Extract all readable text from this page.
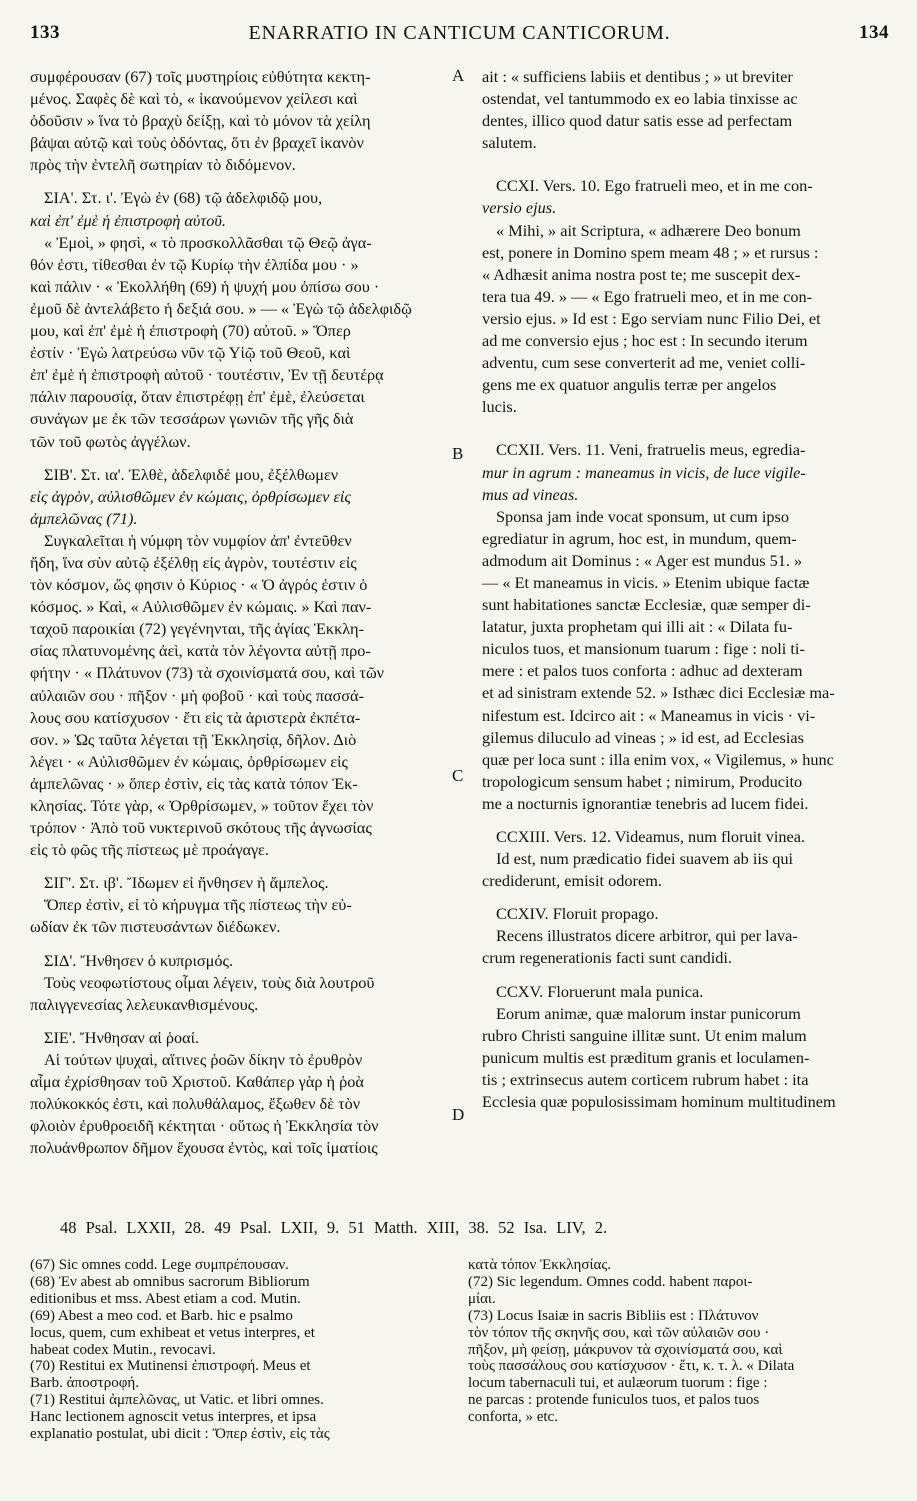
133	ENARRATIO IN CANTICUM CANTICORUM.	134
A
B
C
D

συμφέρουσαν (67) τοῖς μυστηρίοις εὐθύτητα κεκτη-

μένος. Σαφὲς δὲ καὶ τὸ, « ἱκανούμενον χείλεσι καὶ

ὀδοῦσιν » ἵνα τὸ βραχὺ δείξῃ, καὶ τὸ μόνον τὰ χείλη

βάψαι αὐτῷ καὶ τοὺς ὀδόντας, ὅτι ἐν βραχεῖ ἱκανὸν

πρὸς τὴν ἐντελῆ σωτηρίαν τὸ διδόμενον.

ΣΙΑ'. Στ. ι'. Ἐγὼ ἐν (68) τῷ ἀδελφιδῷ μου,

καὶ ἐπ' ἐμὲ ἡ ἐπιστροφὴ αὐτοῦ.

« Ἐμοὶ, » φησὶ, « τὸ προσκολλᾶσθαι τῷ Θεῷ ἀγα-

θόν ἐστι, τίθεσθαι ἐν τῷ Κυρίῳ τὴν ἐλπίδα μου · »

καὶ πάλιν · « Ἐκολλήθη (69) ἡ ψυχή μου ὀπίσω σου ·

ἐμοῦ δὲ ἀντελάβετο ἡ δεξιά σου. » — « Ἐγὼ τῷ ἀδελφιδῷ

μου, καὶ ἐπ' ἐμὲ ἡ ἐπιστροφὴ (70) αὐτοῦ. » Ὅπερ

ἐστίν · Ἐγὼ λατρεύσω νῦν τῷ Υἱῷ τοῦ Θεοῦ, καὶ

ἐπ' ἐμὲ ἡ ἐπιστροφὴ αὐτοῦ · τουτέστιν, Ἐν τῇ δευτέρᾳ

πάλιν παρουσίᾳ, ὅταν ἐπιστρέφῃ ἐπ' ἐμὲ, ἐλεύσεται

συνάγων με ἐκ τῶν τεσσάρων γωνιῶν τῆς γῆς διὰ

τῶν τοῦ φωτὸς ἀγγέλων.

ΣΙΒ'. Στ. ια'. Ἐλθὲ, ἀδελφιδέ μου, ἐξέλθωμεν

εἰς ἀγρὸν, αὐλισθῶμεν ἐν κώμαις, ὀρθρίσωμεν εἰς

ἀμπελῶνας (71).

Συγκαλεῖται ἡ νύμφη τὸν νυμφίον ἀπ' ἐντεῦθεν

ἤδη, ἵνα σὺν αὐτῷ ἐξέλθῃ εἰς ἀγρὸν, τουτέστιν εἰς

τὸν κόσμον, ὥς φησιν ὁ Κύριος · « Ὁ ἀγρός ἐστιν ὁ

κόσμος. » Καὶ, « Αὐλισθῶμεν ἐν κώμαις. » Καὶ παν-

ταχοῦ παροικίαι (72) γεγένηνται, τῆς ἁγίας Ἐκκλη-

σίας πλατυνομένης ἀεὶ, κατὰ τὸν λέγοντα αὐτῇ προ-

φήτην · « Πλάτυνον (73) τὰ σχοινίσματά σου, καὶ τῶν

αὐλαιῶν σου · πῆξον · μὴ φοβοῦ · καὶ τοὺς πασσά-

λους σου κατίσχυσον · ἔτι εἰς τὰ ἀριστερὰ ἐκπέτα-

σον. » Ὡς ταῦτα λέγεται τῇ Ἐκκλησίᾳ, δῆλον. Διὸ

λέγει · « Αὐλισθῶμεν ἐν κώμαις, ὀρθρίσωμεν εἰς

ἀμπελῶνας · » ὅπερ ἐστὶν, εἰς τὰς κατὰ τόπον Ἐκ-

κλησίας. Τότε γὰρ, « Ὀρθρίσωμεν, » τοῦτον ἔχει τὸν

τρόπον · Ἀπὸ τοῦ νυκτερινοῦ σκότους τῆς ἀγνωσίας

εἰς τὸ φῶς τῆς πίστεως μὲ προάγαγε.

ΣΙΓ'. Στ. ιβ'. Ἴδωμεν εἰ ἤνθησεν ἡ ἄμπελος.

Ὅπερ ἐστὶν, εἰ τὸ κήρυγμα τῆς πίστεως τὴν εὐ-

ωδίαν ἐκ τῶν πιστευσάντων διέδωκεν.

ΣΙΔ'. Ἤνθησεν ὁ κυπρισμός.

Τοὺς νεοφωτίστους οἶμαι λέγειν, τοὺς διὰ λουτροῦ

παλιγγενεσίας λελευκανθισμένους.

ΣΙΕ'. Ἤνθησαν αἱ ῥοαί.

Αἱ τούτων ψυχαὶ, αἵτινες ῥοῶν δίκην τὸ ἐρυθρὸν

αἷμα ἐχρίσθησαν τοῦ Χριστοῦ. Καθάπερ γὰρ ἡ ῥοὰ

πολύκοκκός ἐστι, καὶ πολυθάλαμος, ἔξωθεν δὲ τὸν

φλοιὸν ἐρυθροειδῆ κέκτηται · οὕτως ἡ Ἐκκλησία τὸν

πολυάνθρωπον δῆμον ἔχουσα ἐντὸς, καὶ τοῖς ἱματίοις

ait : « sufficiens labiis et dentibus ; » ut breviter

ostendat, vel tantummodo ex eo labia tinxisse ac

dentes, illico quod datur satis esse ad perfectam

salutem.

CCXI. Vers. 10. Ego fratrueli meo, et in me con-

versio ejus.

« Mihi, » ait Scriptura, « adhærere Deo bonum

est, ponere in Domino spem meam 48 ; » et rursus :

« Adhæsit anima nostra post te; me suscepit dex-

tera tua 49. » — « Ego fratrueli meo, et in me con-

versio ejus. » Id est : Ego serviam nunc Filio Dei, et

ad me conversio ejus ; hoc est : In secundo iterum

adventu, cum sese converterit ad me, veniet colli-

gens me ex quatuor angulis terræ per angelos

lucis.

CCXII. Vers. 11. Veni, fratruelis meus, egredia-

mur in agrum : maneamus in vicis, de luce vigile-

mus ad vineas.

Sponsa jam inde vocat sponsum, ut cum ipso

egrediatur in agrum, hoc est, in mundum, quem-

admodum ait Dominus : « Ager est mundus 51. »

— « Et maneamus in vicis. » Etenim ubique factæ

sunt habitationes sanctæ Ecclesiæ, quæ semper di-

latatur, juxta prophetam qui illi ait : « Dilata fu-

niculos tuos, et mansionum tuarum : fige : noli ti-

mere : et palos tuos conforta : adhuc ad dexteram

et ad sinistram extende 52. » Isthæc dici Ecclesiæ ma-

nifestum est. Idcirco ait : « Maneamus in vicis · vi-

gilemus diluculo ad vineas ; » id est, ad Ecclesias

quæ per loca sunt : illa enim vox, « Vigilemus, » hunc

tropologicum sensum habet ; nimirum, Producito

me a nocturnis ignorantiæ tenebris ad lucem fidei.

CCXIII. Vers. 12. Videamus, num floruit vinea.

Id est, num prædicatio fidei suavem ab iis qui

crediderunt, emisit odorem.

CCXIV. Floruit propago.

Recens illustratos dicere arbitror, qui per lava-

crum regenerationis facti sunt candidi.

CCXV. Floruerunt mala punica.

Eorum animæ, quæ malorum instar punicorum

rubro Christi sanguine illitæ sunt. Ut enim malum

punicum multis est præditum granis et loculamen-

tis ; extrinsecus autem corticem rubrum habet : ita

Ecclesia quæ populosissimam hominum multitudinem

48 Psal. LXXII, 28. 49 Psal. LXII, 9. 51 Matth. XIII, 38. 52 Isa. LIV, 2.

(67) Sic omnes codd. Lege συμπρέπουσαν.

(68) Ἐν abest ab omnibus sacrorum Bibliorum

editionibus et mss. Abest etiam a cod. Mutin.

(69) Abest a meo cod. et Barb. hic e psalmo

locus, quem, cum exhibeat et vetus interpres, et

habeat codex Mutin., revocavi.

(70) Restitui ex Mutinensi ἐπιστροφή. Meus et

Barb. ἀποστροφή.

(71) Restitui ἀμπελῶνας, ut Vatic. et libri omnes.

Hanc lectionem agnoscit vetus interpres, et ipsa

explanatio postulat, ubi dicit : Ὅπερ ἐστὶν, εἰς τὰς

κατὰ τόπον Ἐκκλησίας.

(72) Sic legendum. Omnes codd. habent παροι-

μίαι.

(73) Locus Isaiæ in sacris Bibliis est : Πλάτυνον

τὸν τόπον τῆς σκηνῆς σου, καὶ τῶν αὐλαιῶν σου ·

πῆξον, μὴ φείσῃ, μάκρυνον τὰ σχοινίσματά σου, καὶ

τοὺς πασσάλους σου κατίσχυσον · ἔτι, κ. τ. λ. « Dilata

locum tabernaculi tui, et aulæorum tuorum : fige :

ne parcas : protende funiculos tuos, et palos tuos

conforta, » etc.
